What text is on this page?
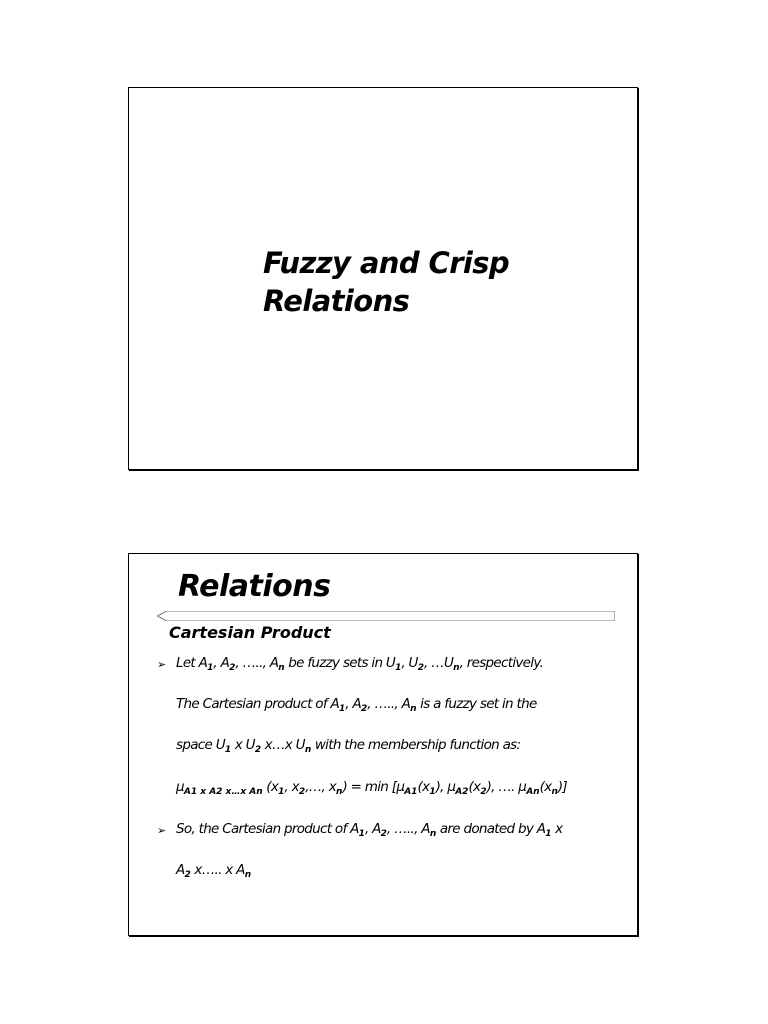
Fuzzy and Crisp
Relations
Relations
Cartesian Product
➢ Let $A_1$, $A_2$, ….., $A_n$ be fuzzy sets in $U_1$, $U_2$, $\dots U_n$, respectively.
The Cartesian product of $A_1$, $A_2$, ….., $A_n$ is a fuzzy set in the
space $U_1$ x $U_2$ x…x $U_n$ with the membership function as:
$\mu_{A1 x A2 x\dots x An}$ ($x_1$, $x_2,\dots$, $x_n) = \min [\mu_{A1}(x_1)$, $\mu_{A2}(x_2)$, …. $\mu_{An}(x_n)$]
➢ So, the Cartesian product of $A_1$, $A_2$, ….., $A_n$ are donated by $A_1$ x
$A_2$ x….. x $A_n$
